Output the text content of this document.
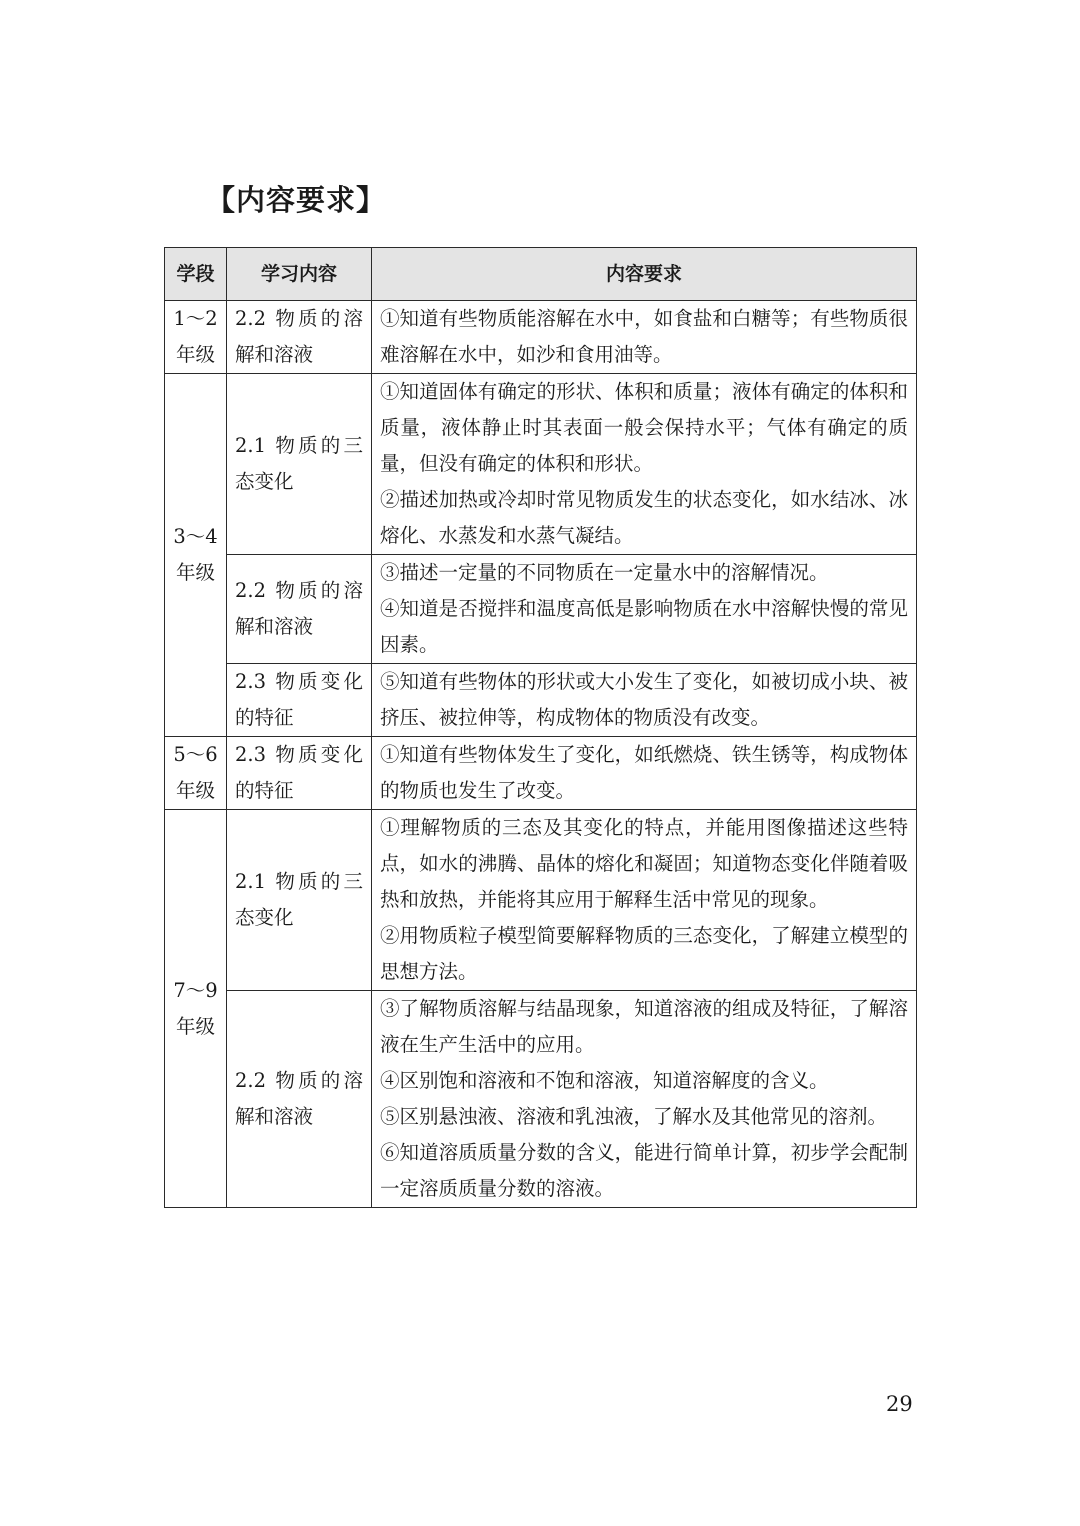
【内容要求】
学段	学习内容	内容要求

1～2
年级	2.2 物质的溶解和溶液	①知道有些物质能溶解在水中，如食盐和白糖等；有些物质很难溶解在水中，如沙和食用油等。

3～4
年级	2.1 物质的三态变化	①知道固体有确定的形状、体积和质量；液体有确定的体积和质量，液体静止时其表面一般会保持水平；气体有确定的质量，但没有确定的体积和形状。
②描述加热或冷却时常见物质发生的状态变化，如水结冰、冰熔化、水蒸发和水蒸气凝结。

	2.2 物质的溶解和溶液	③描述一定量的不同物质在一定量水中的溶解情况。
④知道是否搅拌和温度高低是影响物质在水中溶解快慢的常见因素。

	2.3 物质变化的特征	⑤知道有些物体的形状或大小发生了变化，如被切成小块、被挤压、被拉伸等，构成物体的物质没有改变。

5～6
年级	2.3 物质变化的特征	①知道有些物体发生了变化，如纸燃烧、铁生锈等，构成物体的物质也发生了改变。

7～9
年级	2.1 物质的三态变化	①理解物质的三态及其变化的特点，并能用图像描述这些特点，如水的沸腾、晶体的熔化和凝固；知道物态变化伴随着吸热和放热，并能将其应用于解释生活中常见的现象。
②用物质粒子模型简要解释物质的三态变化，了解建立模型的思想方法。

	2.2 物质的溶解和溶液	③了解物质溶解与结晶现象，知道溶液的组成及特征，了解溶液在生产生活中的应用。
④区别饱和溶液和不饱和溶液，知道溶解度的含义。
⑤区别悬浊液、溶液和乳浊液，了解水及其他常见的溶剂。
⑥知道溶质质量分数的含义，能进行简单计算，初步学会配制一定溶质质量分数的溶液。

29
